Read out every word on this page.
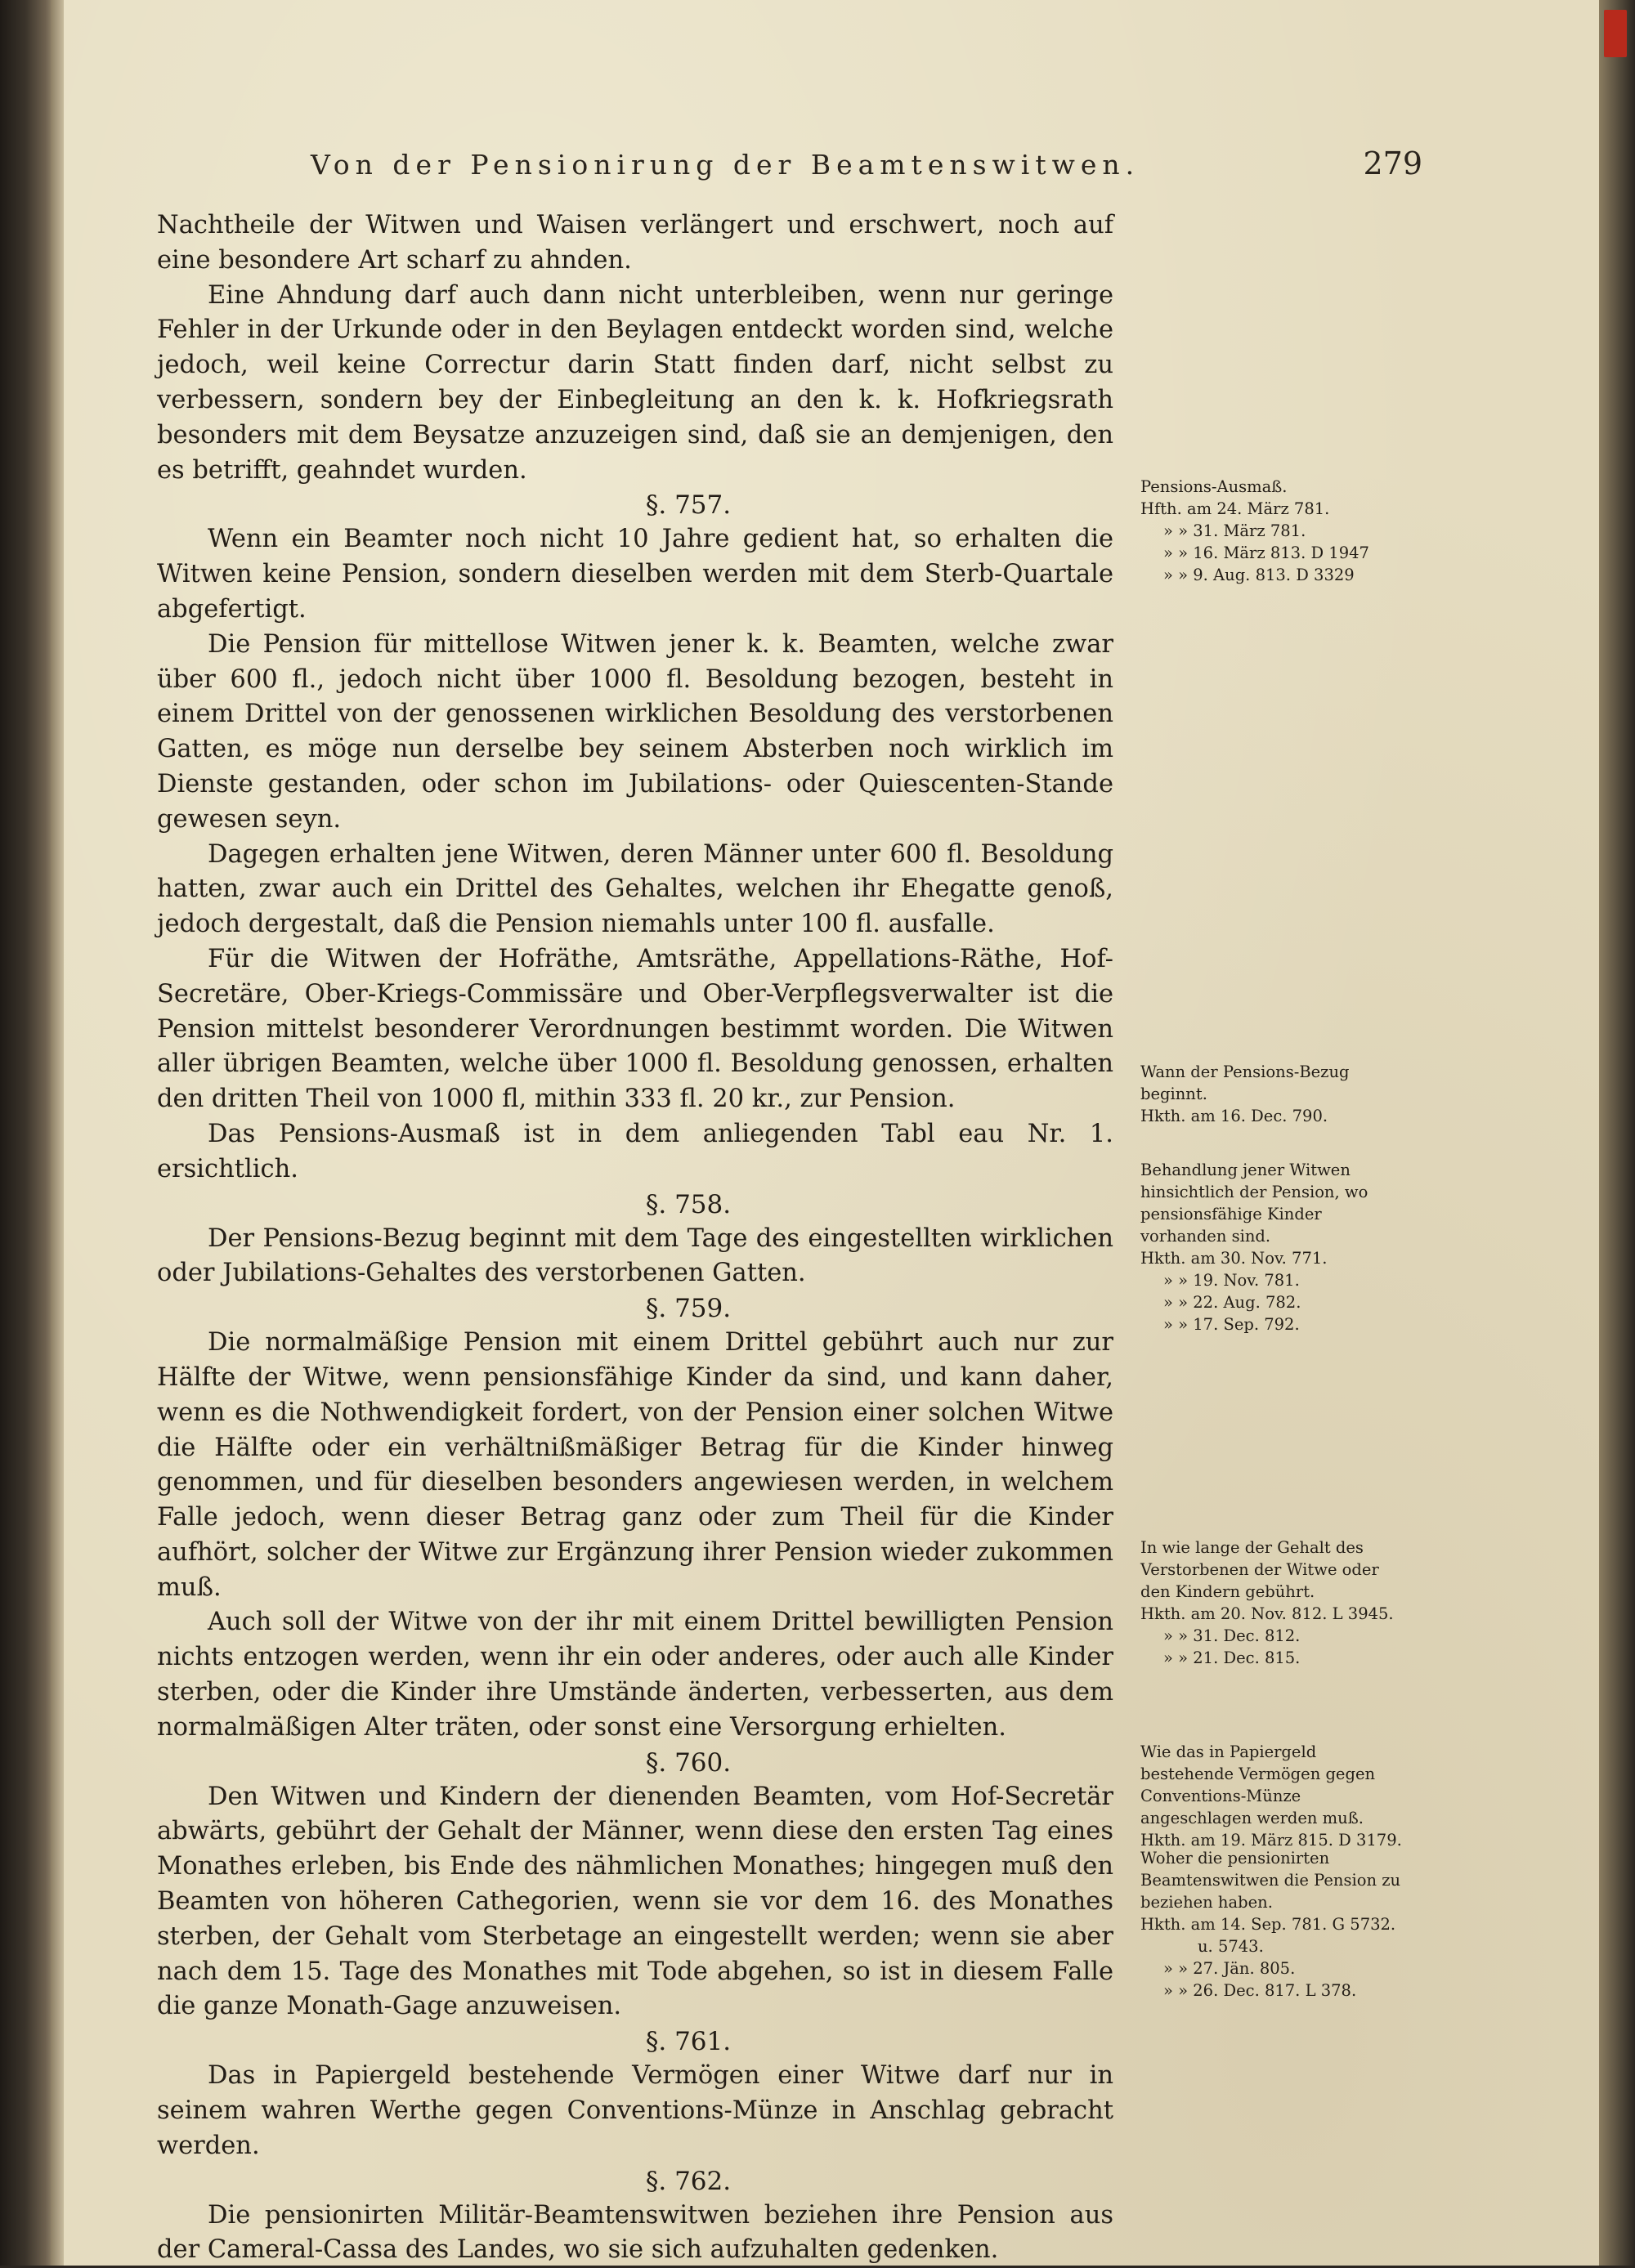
Von der Pensionirung der Beamtenswitwen.	279

Nachtheile der Witwen und Waisen verlängert und erschwert, noch auf eine besondere Art scharf zu ahnden.

Eine Ahndung darf auch dann nicht unterbleiben, wenn nur geringe Fehler in der Urkunde oder in den Beylagen entdeckt worden sind, welche jedoch, weil keine Correctur darin Statt finden darf, nicht selbst zu verbessern, sondern bey der Einbegleitung an den k. k. Hofkriegsrath besonders mit dem Beysatze anzuzeigen sind, daß sie an demjenigen, den es betrifft, geahndet wurden.

§. 757.

Wenn ein Beamter noch nicht 10 Jahre gedient hat, so erhalten die Witwen keine Pension, sondern dieselben werden mit dem Sterb-Quartale abgefertigt.

Die Pension für mittellose Witwen jener k. k. Beamten, welche zwar über 600 fl., jedoch nicht über 1000 fl. Besoldung bezogen, besteht in einem Drittel von der genossenen wirklichen Besoldung des verstorbenen Gatten, es möge nun derselbe bey seinem Absterben noch wirklich im Dienste gestanden, oder schon im Jubilations- oder Quiescenten-Stande gewesen seyn.

Dagegen erhalten jene Witwen, deren Männer unter 600 fl. Besoldung hatten, zwar auch ein Drittel des Gehaltes, welchen ihr Ehegatte genoß, jedoch dergestalt, daß die Pension niemahls unter 100 fl. ausfalle.

Für die Witwen der Hofräthe, Amtsräthe, Appellations-Räthe, Hof-Secretäre, Ober-Kriegs-Commissäre und Ober-Verpflegsverwalter ist die Pension mittelst besonderer Verordnungen bestimmt worden. Die Witwen aller übrigen Beamten, welche über 1000 fl. Besoldung genossen, erhalten den dritten Theil von 1000 fl, mithin 333 fl. 20 kr., zur Pension.

Das Pensions-Ausmaß ist in dem anliegenden Tabl eau Nr. 1. ersichtlich.

§. 758.

Der Pensions-Bezug beginnt mit dem Tage des eingestellten wirklichen oder Jubilations-Gehaltes des verstorbenen Gatten.

§. 759.

Die normalmäßige Pension mit einem Drittel gebührt auch nur zur Hälfte der Witwe, wenn pensionsfähige Kinder da sind, und kann daher, wenn es die Nothwendigkeit fordert, von der Pension einer solchen Witwe die Hälfte oder ein verhältnißmäßiger Betrag für die Kinder hinweg genommen, und für dieselben besonders angewiesen werden, in welchem Falle jedoch, wenn dieser Betrag ganz oder zum Theil für die Kinder aufhört, solcher der Witwe zur Ergänzung ihrer Pension wieder zukommen muß.

Auch soll der Witwe von der ihr mit einem Drittel bewilligten Pension nichts entzogen werden, wenn ihr ein oder anderes, oder auch alle Kinder sterben, oder die Kinder ihre Umstände änderten, verbesserten, aus dem normalmäßigen Alter träten, oder sonst eine Versorgung erhielten.

§. 760.

Den Witwen und Kindern der dienenden Beamten, vom Hof-Secretär abwärts, gebührt der Gehalt der Männer, wenn diese den ersten Tag eines Monathes erleben, bis Ende des nähmlichen Monathes; hingegen muß den Beamten von höheren Cathegorien, wenn sie vor dem 16. des Monathes sterben, der Gehalt vom Sterbetage an eingestellt werden; wenn sie aber nach dem 15. Tage des Monathes mit Tode abgehen, so ist in diesem Falle die ganze Monath-Gage anzuweisen.

§. 761.

Das in Papiergeld bestehende Vermögen einer Witwe darf nur in seinem wahren Werthe gegen Conventions-Münze in Anschlag gebracht werden.

§. 762.

Die pensionirten Militär-Beamtenswitwen beziehen ihre Pension aus der Cameral-Cassa des Landes, wo sie sich aufzuhalten gedenken.

Pensions-Ausmaß.

Hfth. am 24. März 781.

» » 31. März 781.

» » 16. März 813. D 1947

» » 9. Aug. 813. D 3329

Wann der Pensions-Bezug beginnt.

Hkth. am 16. Dec. 790.

Behandlung jener Witwen hinsichtlich der Pension, wo pensionsfähige Kinder vorhanden sind.

Hkth. am 30. Nov. 771.

» » 19. Nov. 781.

» » 22. Aug. 782.

» » 17. Sep. 792.

In wie lange der Gehalt des Verstorbenen der Witwe oder den Kindern gebührt.

Hkth. am 20. Nov. 812. L 3945.

» » 31. Dec. 812.

» » 21. Dec. 815.

Wie das in Papiergeld bestehende Vermögen gegen Conventions-Münze angeschlagen werden muß.

Hkth. am 19. März 815. D 3179.

Woher die pensionirten Beamtenswitwen die Pension zu beziehen haben.

Hkth. am 14. Sep. 781. G 5732.

u. 5743.

» » 27. Jän. 805.

» » 26. Dec. 817. L 378.
